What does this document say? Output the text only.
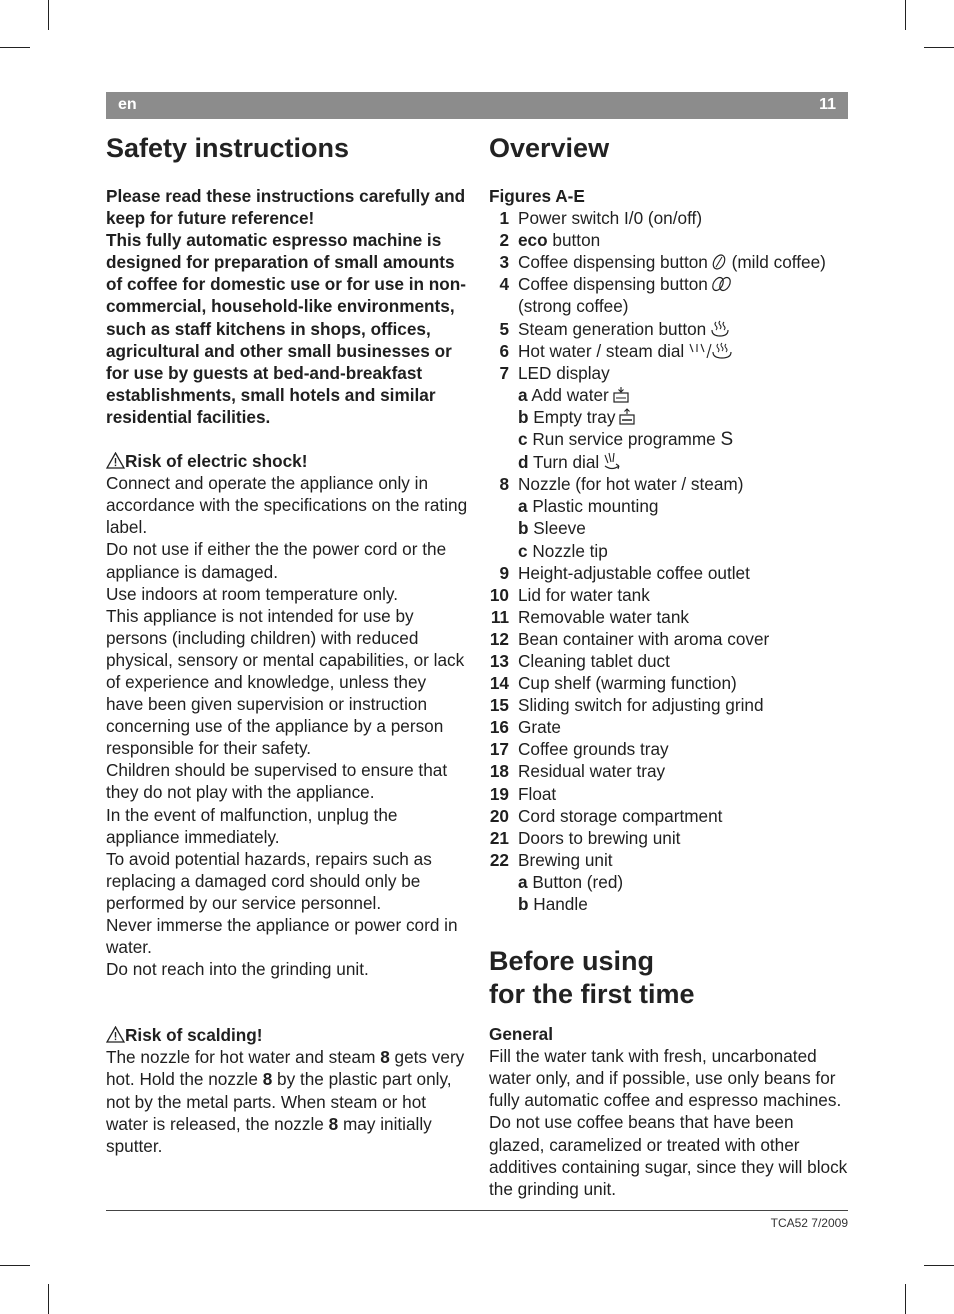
en	11
Safety instructions

Please read these instructions carefully and keep for future reference!

This fully automatic espresso machine is designed for preparation of small amounts of coffee for domestic use or for use in non-commercial, household-like environments, such as staff kitchens in shops, offices, agricultural and other small businesses or for use by guests at bed-and-breakfast establishments, small hotels and similar residential facilities.

Risk of electric shock!

Connect and operate the appliance only in accordance with the specifications on the rating label.

Do not use if either the the power cord or the appliance is damaged.

Use indoors at room temperature only.

This appliance is not intended for use by persons (including children) with reduced physical, sensory or mental capabilities, or lack of experience and knowledge, unless they have been given supervision or instruction concerning use of the appliance by a person responsible for their safety.

Children should be supervised to ensure that they do not play with the appliance.

In the event of malfunction, unplug the appliance immediately.

To avoid potential hazards, repairs such as replacing a damaged cord should only be performed by our service personnel.

Never immerse the appliance or power cord in water.

Do not reach into the grinding unit.

Risk of scalding!

The nozzle for hot water and steam 8 gets very hot. Hold the nozzle 8 by the plastic part only, not by the metal parts. When steam or hot water is released, the nozzle 8 may initially sputter.

Overview

Figures A-E

1 Power switch I/0 (on/off)
2 eco button
3 Coffee dispensing button (mild coffee)
4 Coffee dispensing button
(strong coffee)
5 Steam generation button
6 Hot water / steam dial
7 LED display
a Add water
b Empty tray
c Run service programme S
d Turn dial
8 Nozzle (for hot water / steam)
a Plastic mounting
b Sleeve
c Nozzle tip
9 Height-adjustable coffee outlet
10 Lid for water tank
11 Removable water tank
12 Bean container with aroma cover
13 Cleaning tablet duct
14 Cup shelf (warming function)
15 Sliding switch for adjusting grind
16 Grate
17 Coffee grounds tray
18 Residual water tray
19 Float
20 Cord storage compartment
21 Doors to brewing unit
22 Brewing unit
a Button (red)
b Handle
Before using
for the first time

General

Fill the water tank with fresh, uncarbonated water only, and if possible, use only beans for fully automatic coffee and espresso machines. Do not use coffee beans that have been glazed, caramelized or treated with other additives containing sugar, since they will block the grinding unit.

TCA52 7/2009
